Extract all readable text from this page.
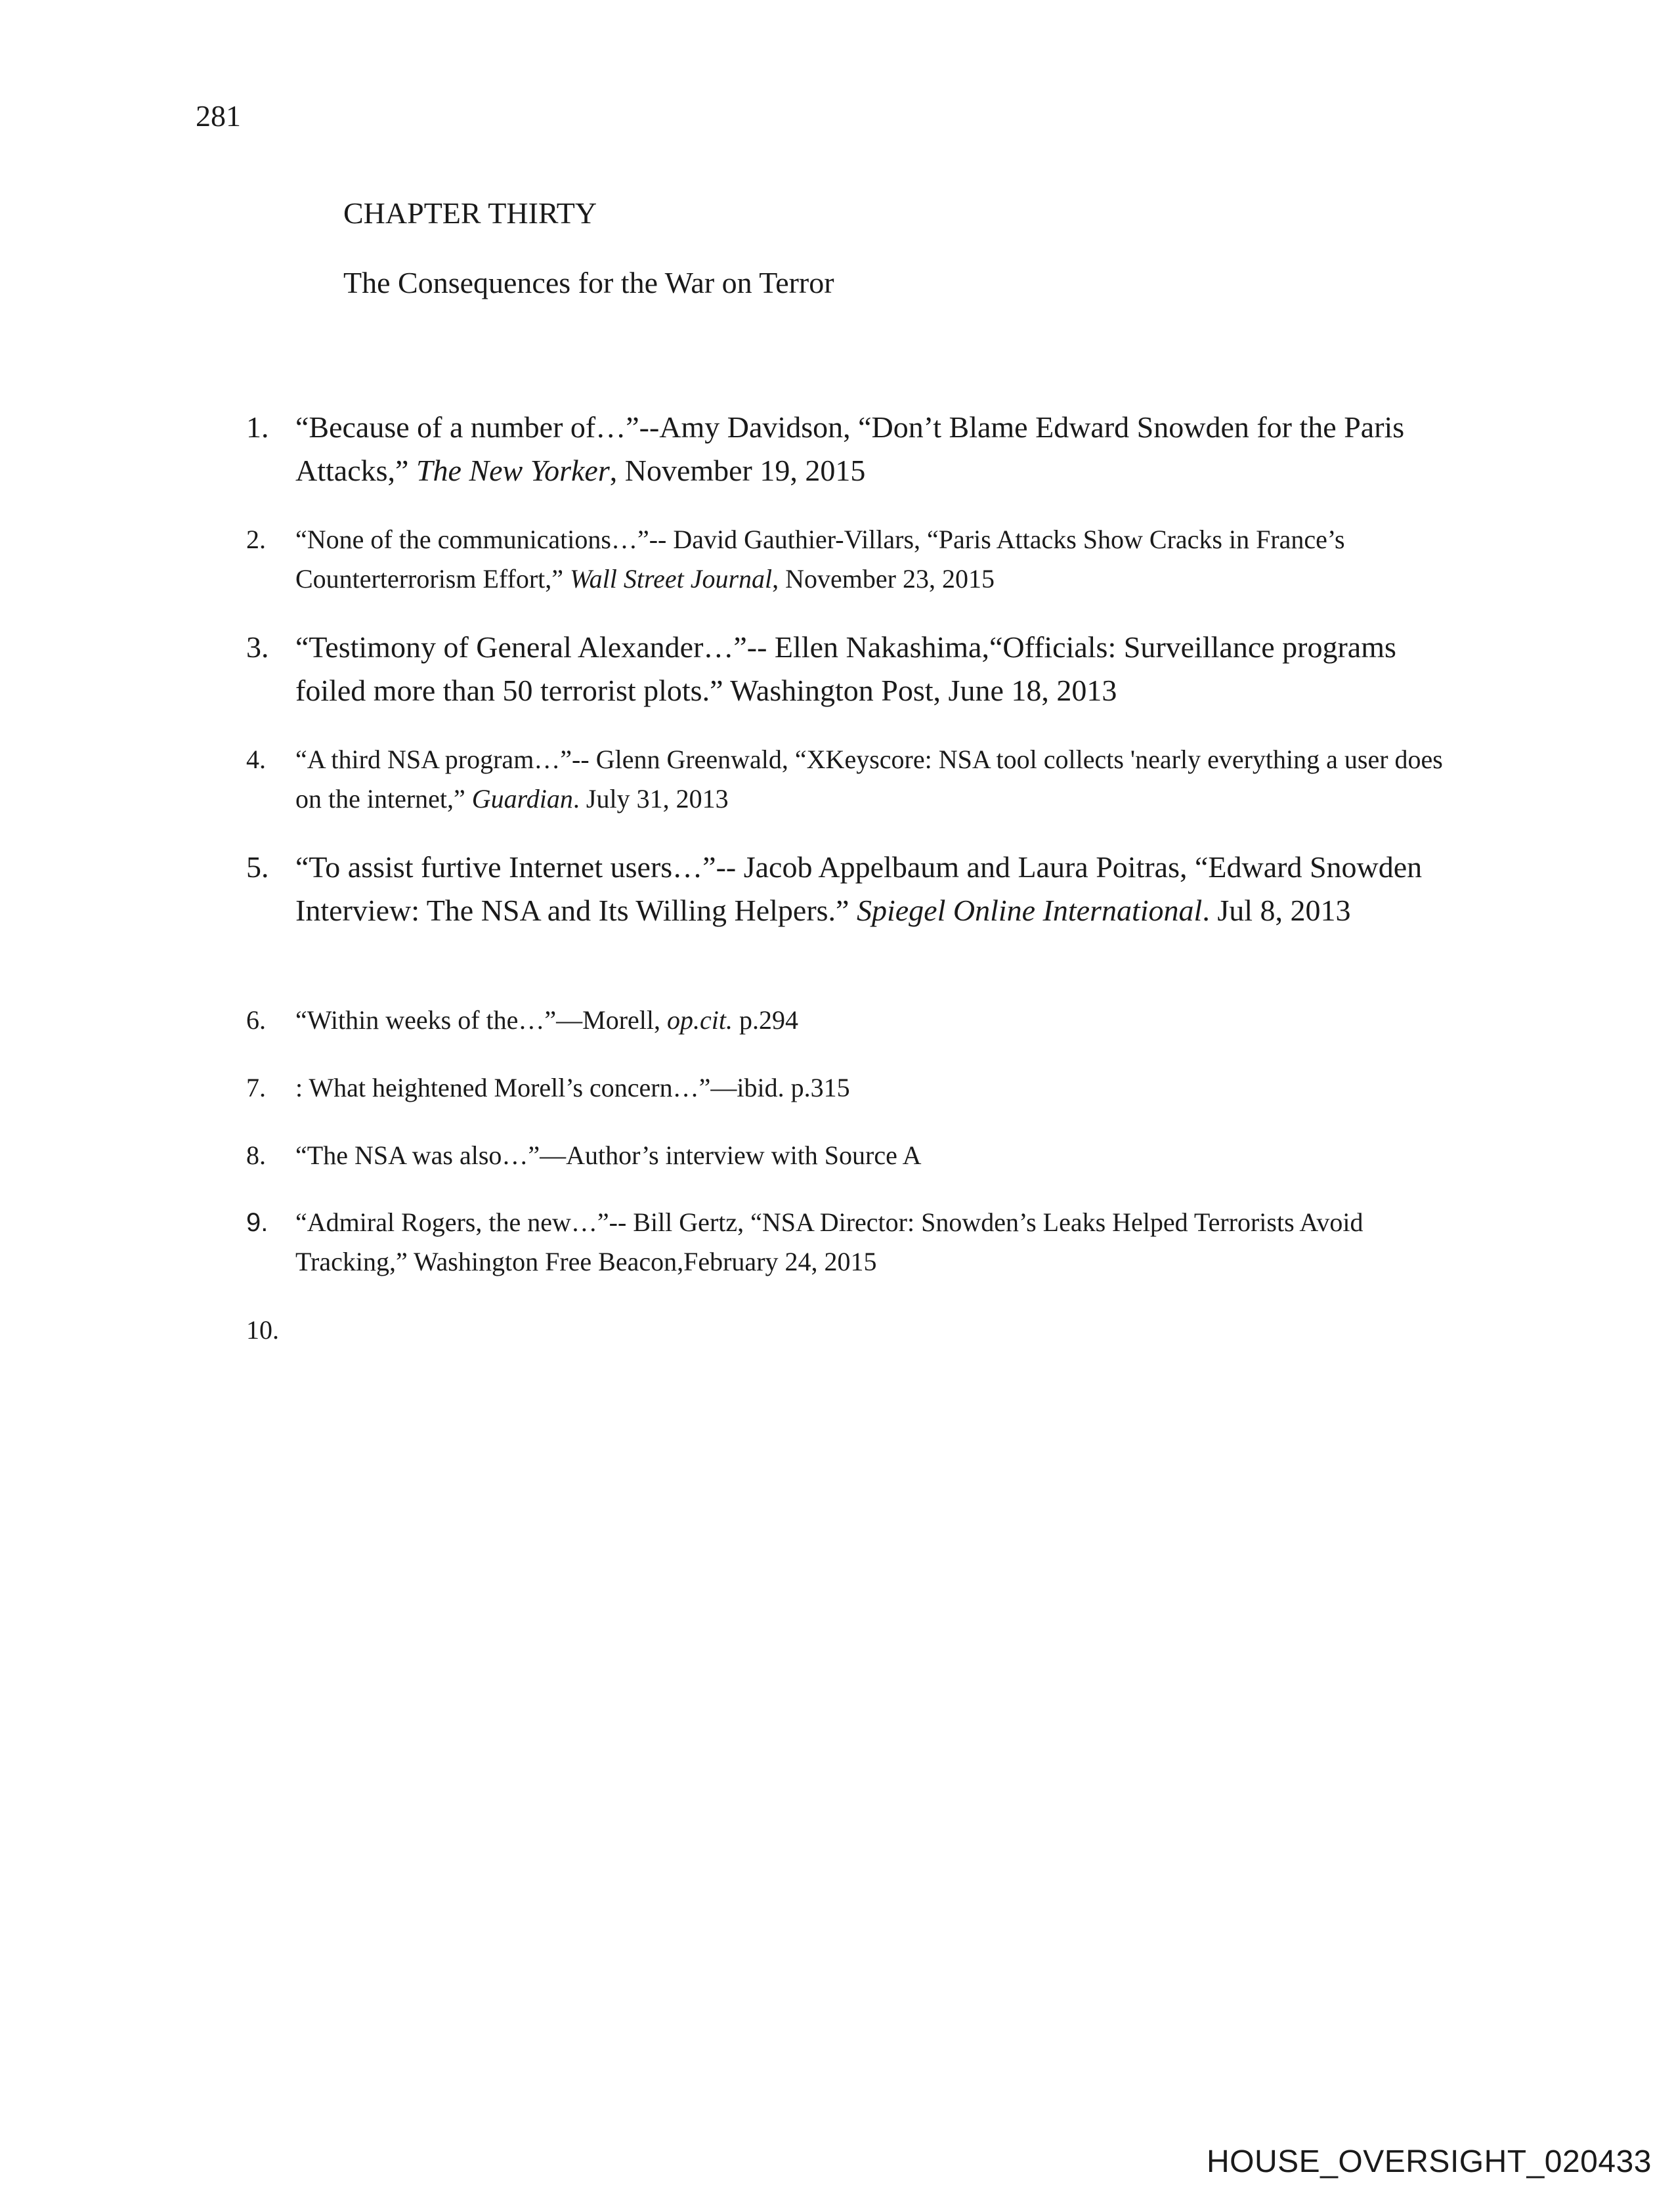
281
CHAPTER THIRTY
The Consequences for the War on Terror
1. “Because of a number of…”--Amy Davidson, “Don’t Blame Edward Snowden for the Paris Attacks,” The New Yorker, November 19, 2015
2. “None of the communications…”-- David Gauthier-Villars, “Paris Attacks Show Cracks in France’s Counterterrorism Effort,” Wall Street Journal, November 23, 2015
3. “Testimony of General Alexander…”-- Ellen Nakashima,“Officials: Surveillance programs foiled more than 50 terrorist plots.” Washington Post, June 18, 2013
4. “A third NSA program…”-- Glenn Greenwald, “XKeyscore: NSA tool collects 'nearly everything a user does on the internet,” Guardian. July 31, 2013
5. “To assist furtive Internet users…”-- Jacob Appelbaum and Laura Poitras, “Edward Snowden Interview: The NSA and Its Willing Helpers.” Spiegel Online International. Jul 8, 2013
6. “Within weeks of the…”—Morell, op.cit. p.294
7. : What heightened Morell’s concern…”—ibid. p.315
8. “The NSA was also…”—Author’s interview with Source A
9. “Admiral Rogers, the new…”-- Bill Gertz, “NSA Director: Snowden’s Leaks Helped Terrorists Avoid Tracking,” Washington Free Beacon,February 24, 2015
10.
HOUSE_OVERSIGHT_020433
